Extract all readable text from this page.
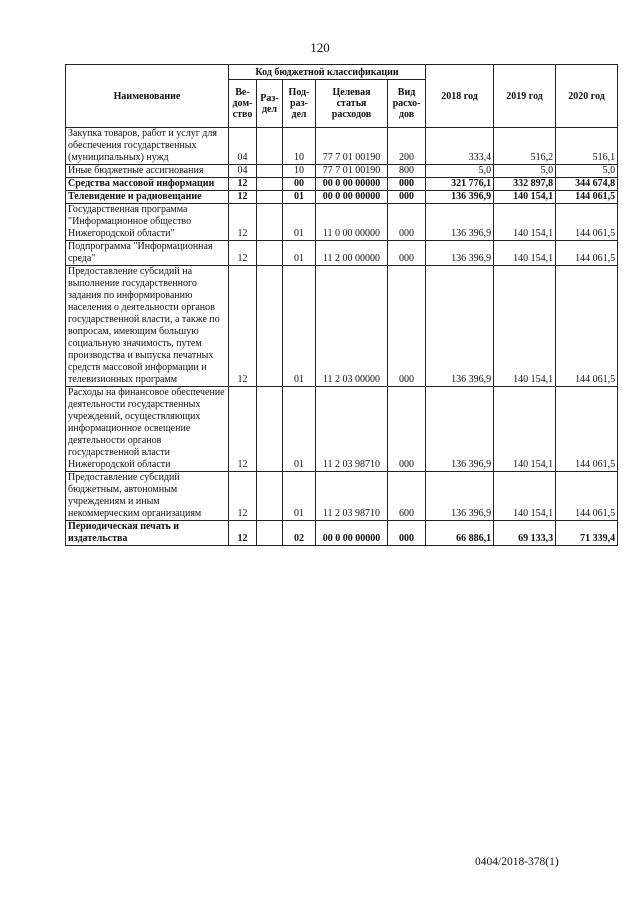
120
Наименование	Код бюджетной классификации					2018 год	2019 год	2020 год
	Ве-дом-ство	Раз-дел	Под-раз-дел	Целевая статья расходов	Вид расхо-дов			
Закупка товаров, работ и услуг для обеспечения государственных (муниципальных) нужд	04		10	77 7 01 00190	200	333,4	516,2	516,1
Иные бюджетные ассигнования	04		10	77 7 01 00190	800	5,0	5,0	5,0
Средства массовой информации	12		00	00 0 00 00000	000	321 776,1	332 897,8	344 674,8
Телевидение и радиовещание	12		01	00 0 00 00000	000	136 396,9	140 154,1	144 061,5
Государственная программа "Информационное общество Нижегородской области"	12		01	11 0 00 00000	000	136 396,9	140 154,1	144 061,5
Подпрограмма "Информационная среда"	12		01	11 2 00 00000	000	136 396,9	140 154,1	144 061,5
Предоставление субсидий на выполнение государственного задания по информированию населения о деятельности органов государственной власти, а также по вопросам, имеющим большую социальную значимость, путем производства и выпуска печатных средств массовой информации и телевизионных программ	12		01	11 2 03 00000	000	136 396,9	140 154,1	144 061,5
Расходы на финансовое обеспечение деятельности государственных учреждений, осуществляющих информационное освещение деятельности органов государственной власти Нижегородской области	12		01	11 2 03 98710	000	136 396,9	140 154,1	144 061,5
Предоставление субсидий бюджетным, автономным учреждениям и иным некоммерческим организациям	12		01	11 2 03 98710	600	136 396,9	140 154,1	144 061,5
Периодическая печать и издательства	12		02	00 0 00 00000	000	66 886,1	69 133,3	71 339,4
0404/2018-378(1)
